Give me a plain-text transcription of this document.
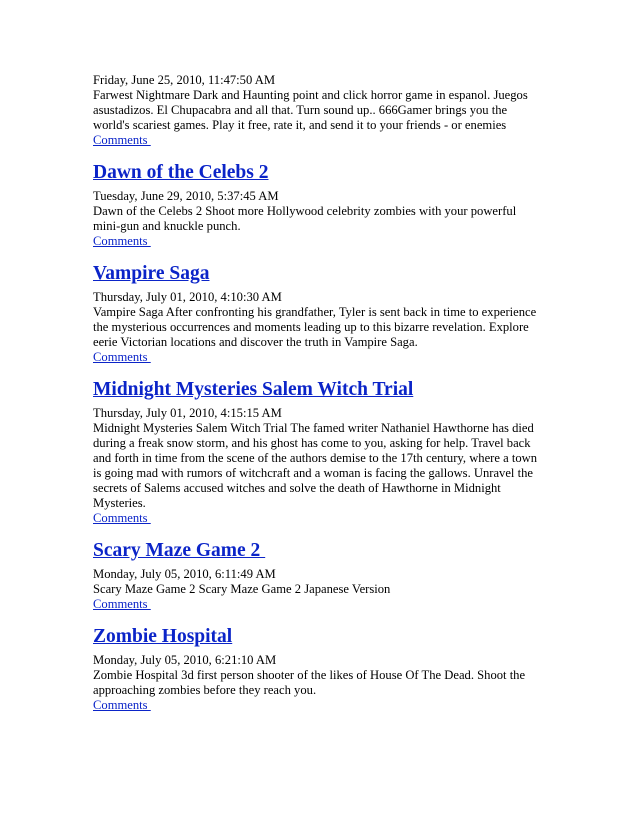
Friday, June 25, 2010, 11:47:50 AM

Farwest Nightmare Dark and Haunting point and click horror game in espanol. Juegos
asustadizos. El Chupacabra and all that. Turn sound up.. 666Gamer brings you the
world's scariest games. Play it free, rate it, and send it to your friends - or enemies
Comments
Dawn of the Celebs 2

Tuesday, June 29, 2010, 5:37:45 AM

Dawn of the Celebs 2 Shoot more Hollywood celebrity zombies with your powerful
mini-gun and knuckle punch.
Comments
Vampire Saga

Thursday, July 01, 2010, 4:10:30 AM

Vampire Saga After confronting his grandfather, Tyler is sent back in time to experience
the mysterious occurrences and moments leading up to this bizarre revelation. Explore
eerie Victorian locations and discover the truth in Vampire Saga.
Comments
Midnight Mysteries Salem Witch Trial

Thursday, July 01, 2010, 4:15:15 AM

Midnight Mysteries Salem Witch Trial The famed writer Nathaniel Hawthorne has died
during a freak snow storm, and his ghost has come to you, asking for help. Travel back
and forth in time from the scene of the authors demise to the 17th century, where a town
is going mad with rumors of witchcraft and a woman is facing the gallows. Unravel the
secrets of Salems accused witches and solve the death of Hawthorne in Midnight
Mysteries.
Comments
Scary Maze Game 2

Monday, July 05, 2010, 6:11:49 AM

Scary Maze Game 2 Scary Maze Game 2 Japanese Version
Comments
Zombie Hospital

Monday, July 05, 2010, 6:21:10 AM

Zombie Hospital 3d first person shooter of the likes of House Of The Dead. Shoot the
approaching zombies before they reach you.
Comments
